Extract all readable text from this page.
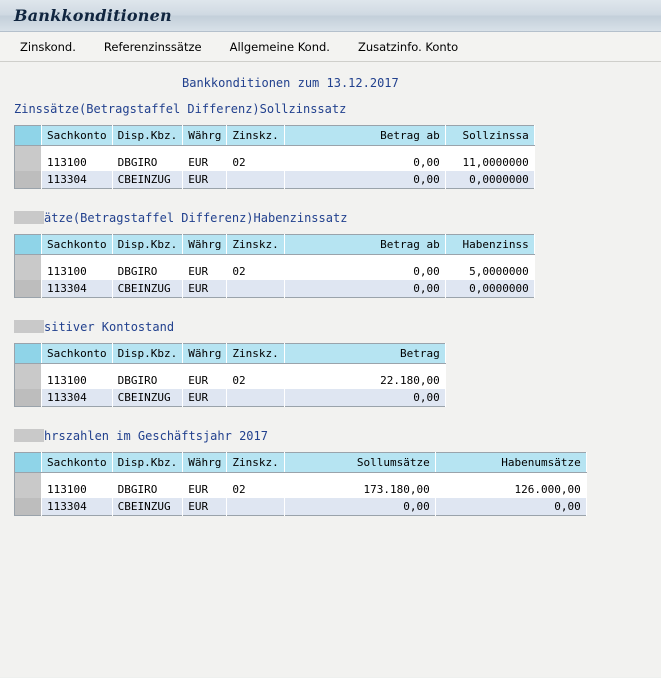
Bankkonditionen
Zinskond.	Referenzinssätze	Allgemeine Kond.	Zusatzinfo. Konto
Bankkonditionen zum 13.12.2017
Zinssätze(Betragstaffel Differenz)Sollzinssatz
	Sachkonto	Disp.Kbz.	Währg	Zinskz.	Betrag ab	Sollzinssa

	113100	DBGIRO	EUR	02	0,00	11,0000000
	113304	CBEINZUG	EUR		0,00	0,0000000
ätze(Betragstaffel Differenz)Habenzinssatz
	Sachkonto	Disp.Kbz.	Währg	Zinskz.	Betrag ab	Habenzinss

	113100	DBGIRO	EUR	02	0,00	5,0000000
	113304	CBEINZUG	EUR		0,00	0,0000000
sitiver Kontostand
	Sachkonto	Disp.Kbz.	Währg	Zinskz.	Betrag

	113100	DBGIRO	EUR	02	22.180,00
	113304	CBEINZUG	EUR		0,00
hrszahlen im Geschäftsjahr 2017
	Sachkonto	Disp.Kbz.	Währg	Zinskz.	Sollumsätze	Habenumsätze

	113100	DBGIRO	EUR	02	173.180,00	126.000,00
	113304	CBEINZUG	EUR		0,00	0,00
